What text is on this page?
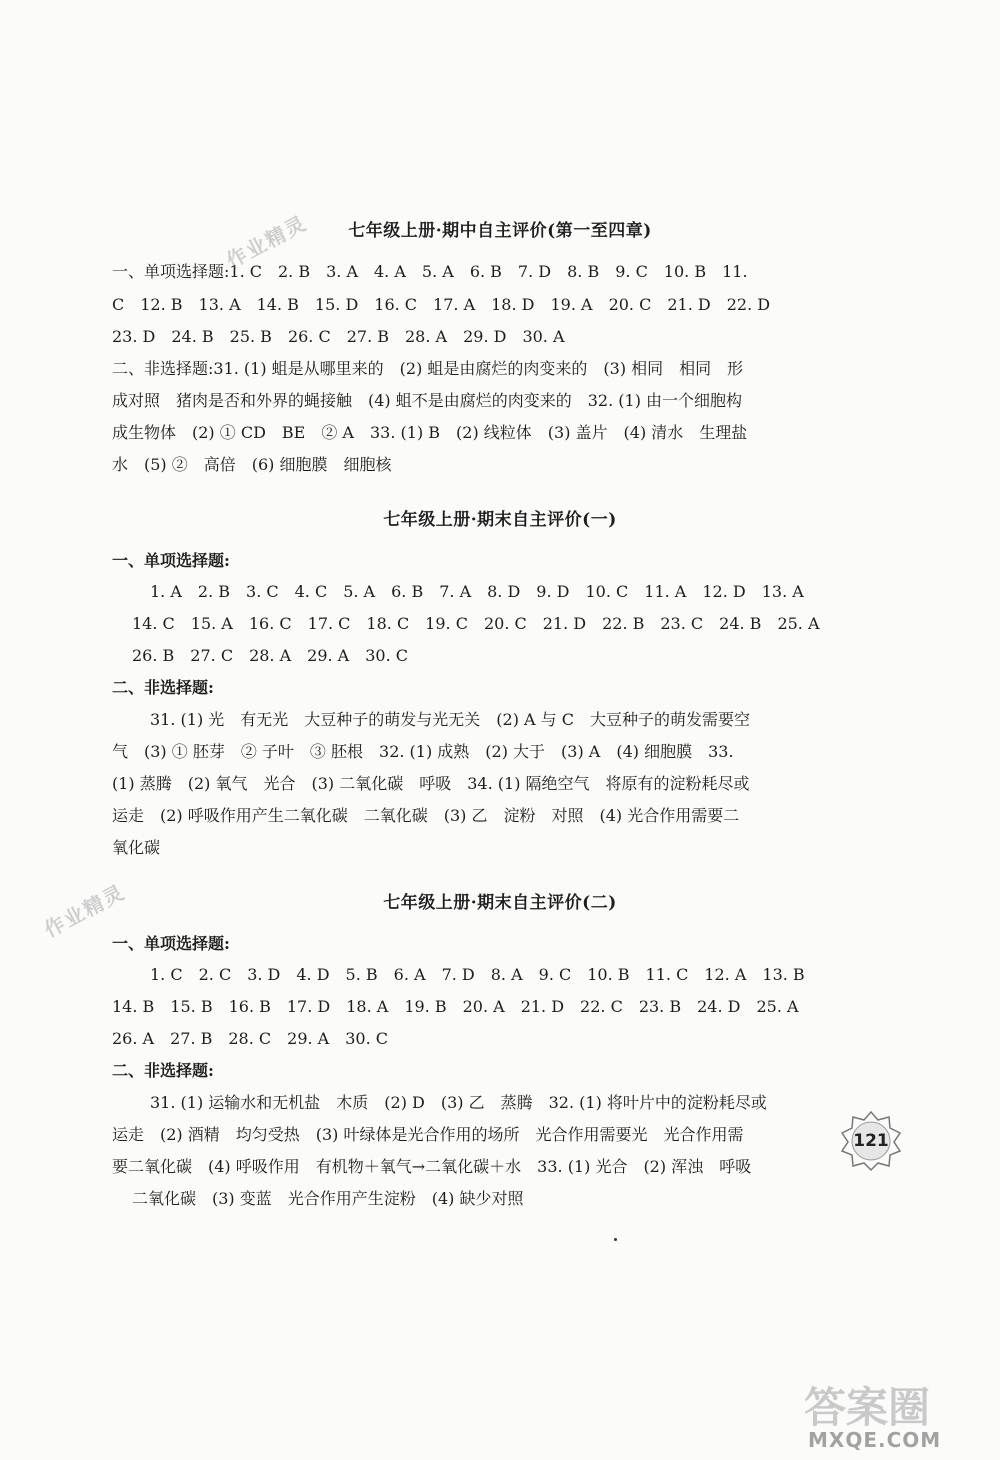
七年级上册·期中自主评价(第一至四章)
一、单项选择题:1. C　2. B　3. A　4. A　5. A　6. B　7. D　8. B　9. C　10. B　11.
C　12. B　13. A　14. B　15. D　16. C　17. A　18. D　19. A　20. C　21. D　22. D
23. D　24. B　25. B　26. C　27. B　28. A　29. D　30. A
二、非选择题:31. (1) 蛆是从哪里来的　(2) 蛆是由腐烂的肉变来的　(3) 相同　相同　形
成对照　猪肉是否和外界的蝇接触　(4) 蛆不是由腐烂的肉变来的　32. (1) 由一个细胞构
成生物体　(2) ① CD　BE　② A　33. (1) B　(2) 线粒体　(3) 盖片　(4) 清水　生理盐
水　(5) ②　高倍　(6) 细胞膜　细胞核
七年级上册·期末自主评价(一)
一、单项选择题:
1. A　2. B　3. C　4. C　5. A　6. B　7. A　8. D　9. D　10. C　11. A　12. D　13. A
14. C　15. A　16. C　17. C　18. C　19. C　20. C　21. D　22. B　23. C　24. B　25. A
26. B　27. C　28. A　29. A　30. C
二、非选择题:
31. (1) 光　有无光　大豆种子的萌发与光无关　(2) A 与 C　大豆种子的萌发需要空
气　(3) ① 胚芽　② 子叶　③ 胚根　32. (1) 成熟　(2) 大于　(3) A　(4) 细胞膜　33.
(1) 蒸腾　(2) 氧气　光合　(3) 二氧化碳　呼吸　34. (1) 隔绝空气　将原有的淀粉耗尽或
运走　(2) 呼吸作用产生二氧化碳　二氧化碳　(3) 乙　淀粉　对照　(4) 光合作用需要二
氧化碳
七年级上册·期末自主评价(二)
一、单项选择题:
1. C　2. C　3. D　4. D　5. B　6. A　7. D　8. A　9. C　10. B　11. C　12. A　13. B
14. B　15. B　16. B　17. D　18. A　19. B　20. A　21. D　22. C　23. B　24. D　25. A
26. A　27. B　28. C　29. A　30. C
二、非选择题:
31. (1) 运输水和无机盐　木质　(2) D　(3) 乙　蒸腾　32. (1) 将叶片中的淀粉耗尽或
运走　(2) 酒精　均匀受热　(3) 叶绿体是光合作用的场所　光合作用需要光　光合作用需
要二氧化碳　(4) 呼吸作用　有机物＋氧气→二氧化碳＋水　33. (1) 光合　(2) 浑浊　呼吸
二氧化碳　(3) 变蓝　光合作用产生淀粉　(4) 缺少对照
作业精灵
作业精灵
121
答案圈
MXQE.COM
